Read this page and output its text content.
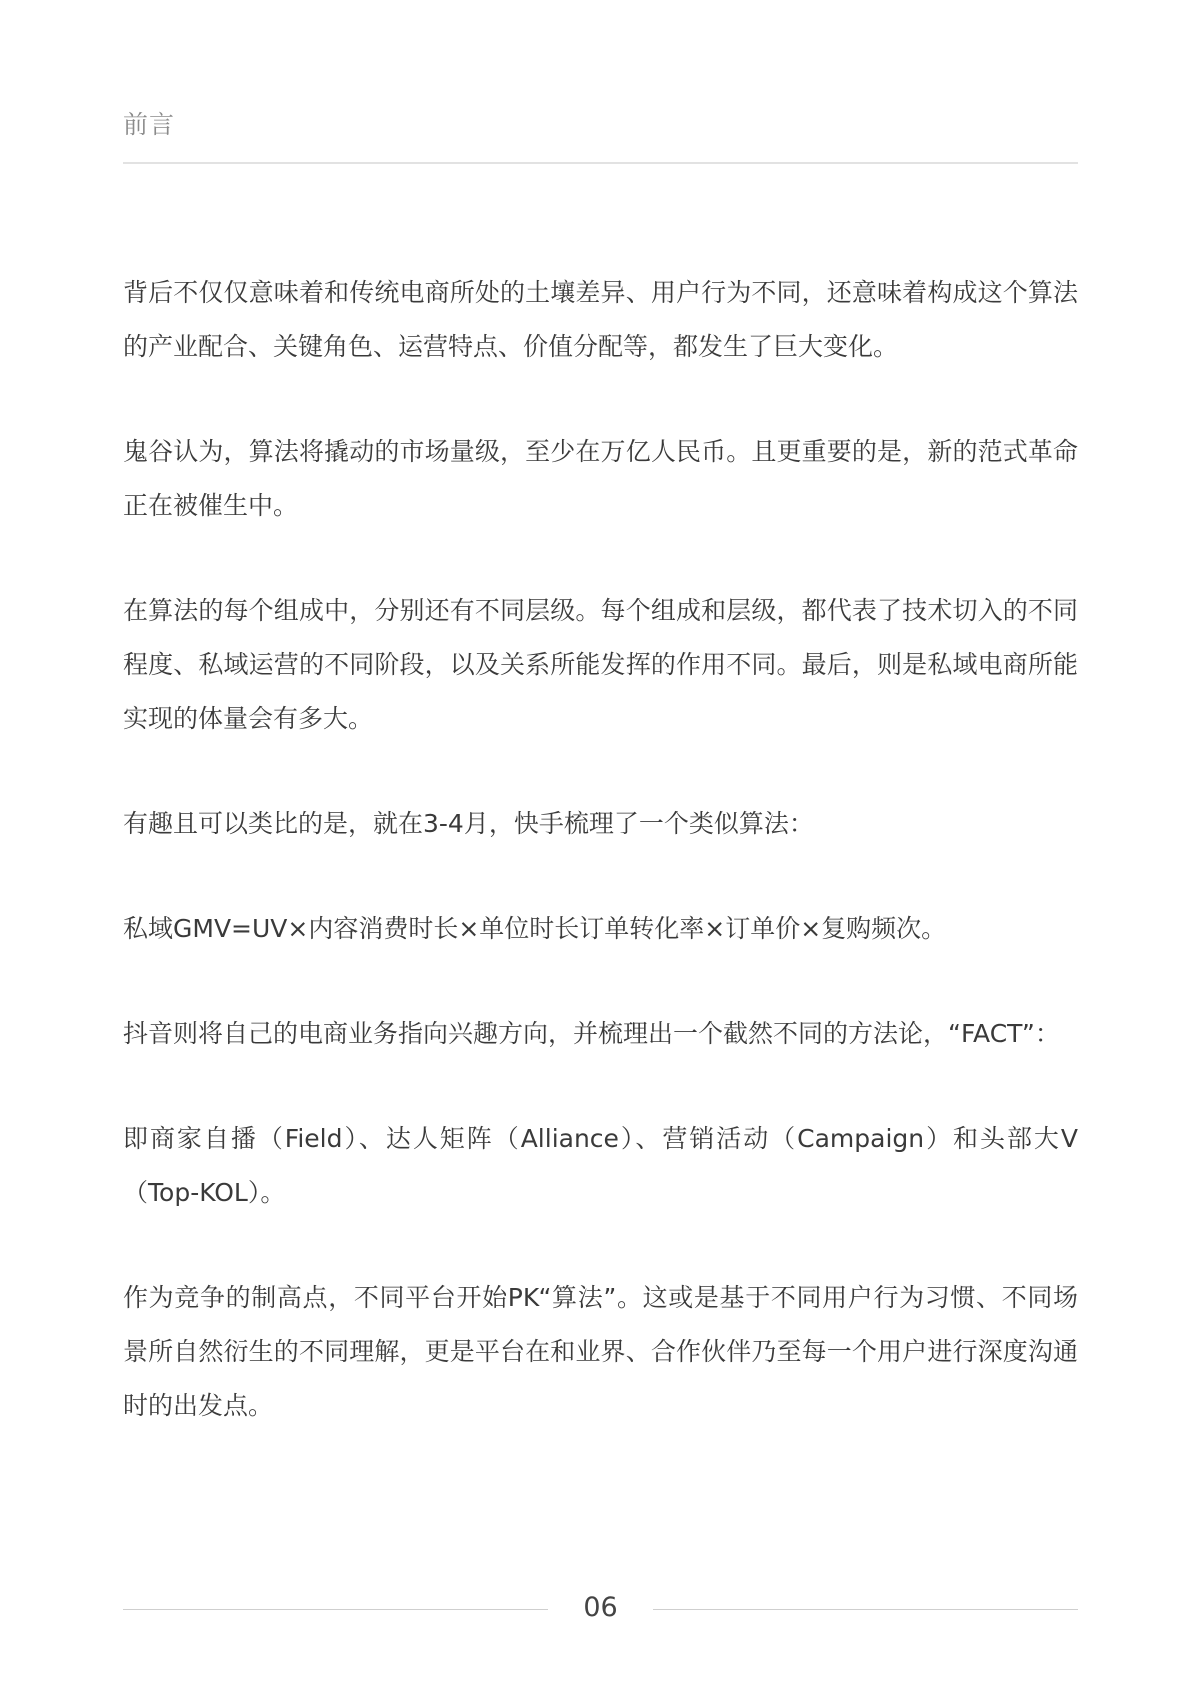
前言

背后不仅仅意味着和传统电商所处的土壤差异、用户行为不同，还意味着构成这个算法的产业配合、关键角色、运营特点、价值分配等，都发生了巨大变化。

鬼谷认为，算法将撬动的市场量级，至少在万亿人民币。且更重要的是，新的范式革命正在被催生中。

在算法的每个组成中，分别还有不同层级。每个组成和层级，都代表了技术切入的不同程度、私域运营的不同阶段，以及关系所能发挥的作用不同。最后，则是私域电商所能实现的体量会有多大。

有趣且可以类比的是，就在3-4月，快手梳理了一个类似算法：

私域GMV=UV×内容消费时长×单位时长订单转化率×订单价×复购频次。

抖音则将自己的电商业务指向兴趣方向，并梳理出一个截然不同的方法论，“FACT”：

即商家自播（Field）、达人矩阵（Alliance）、营销活动（Campaign）和头部大V（Top-KOL）。

作为竞争的制高点，不同平台开始PK“算法”。这或是基于不同用户行为习惯、不同场景所自然衍生的不同理解，更是平台在和业界、合作伙伴乃至每一个用户进行深度沟通时的出发点。

06
